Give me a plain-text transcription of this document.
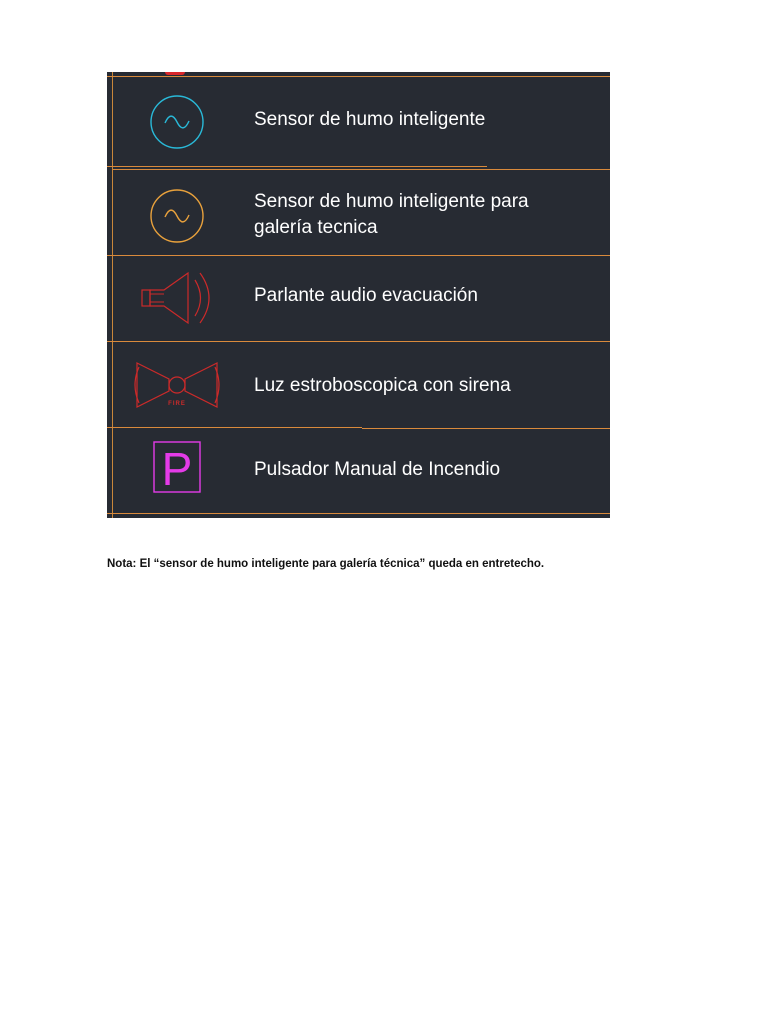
Sensor de humo inteligente
Sensor de humo inteligente para
galería tecnica
Parlante audio evacuación
FIRE
Luz estroboscopica con sirena
P	Pulsador Manual de Incendio
Nota: El “sensor de humo inteligente para galería técnica” queda en entretecho.
